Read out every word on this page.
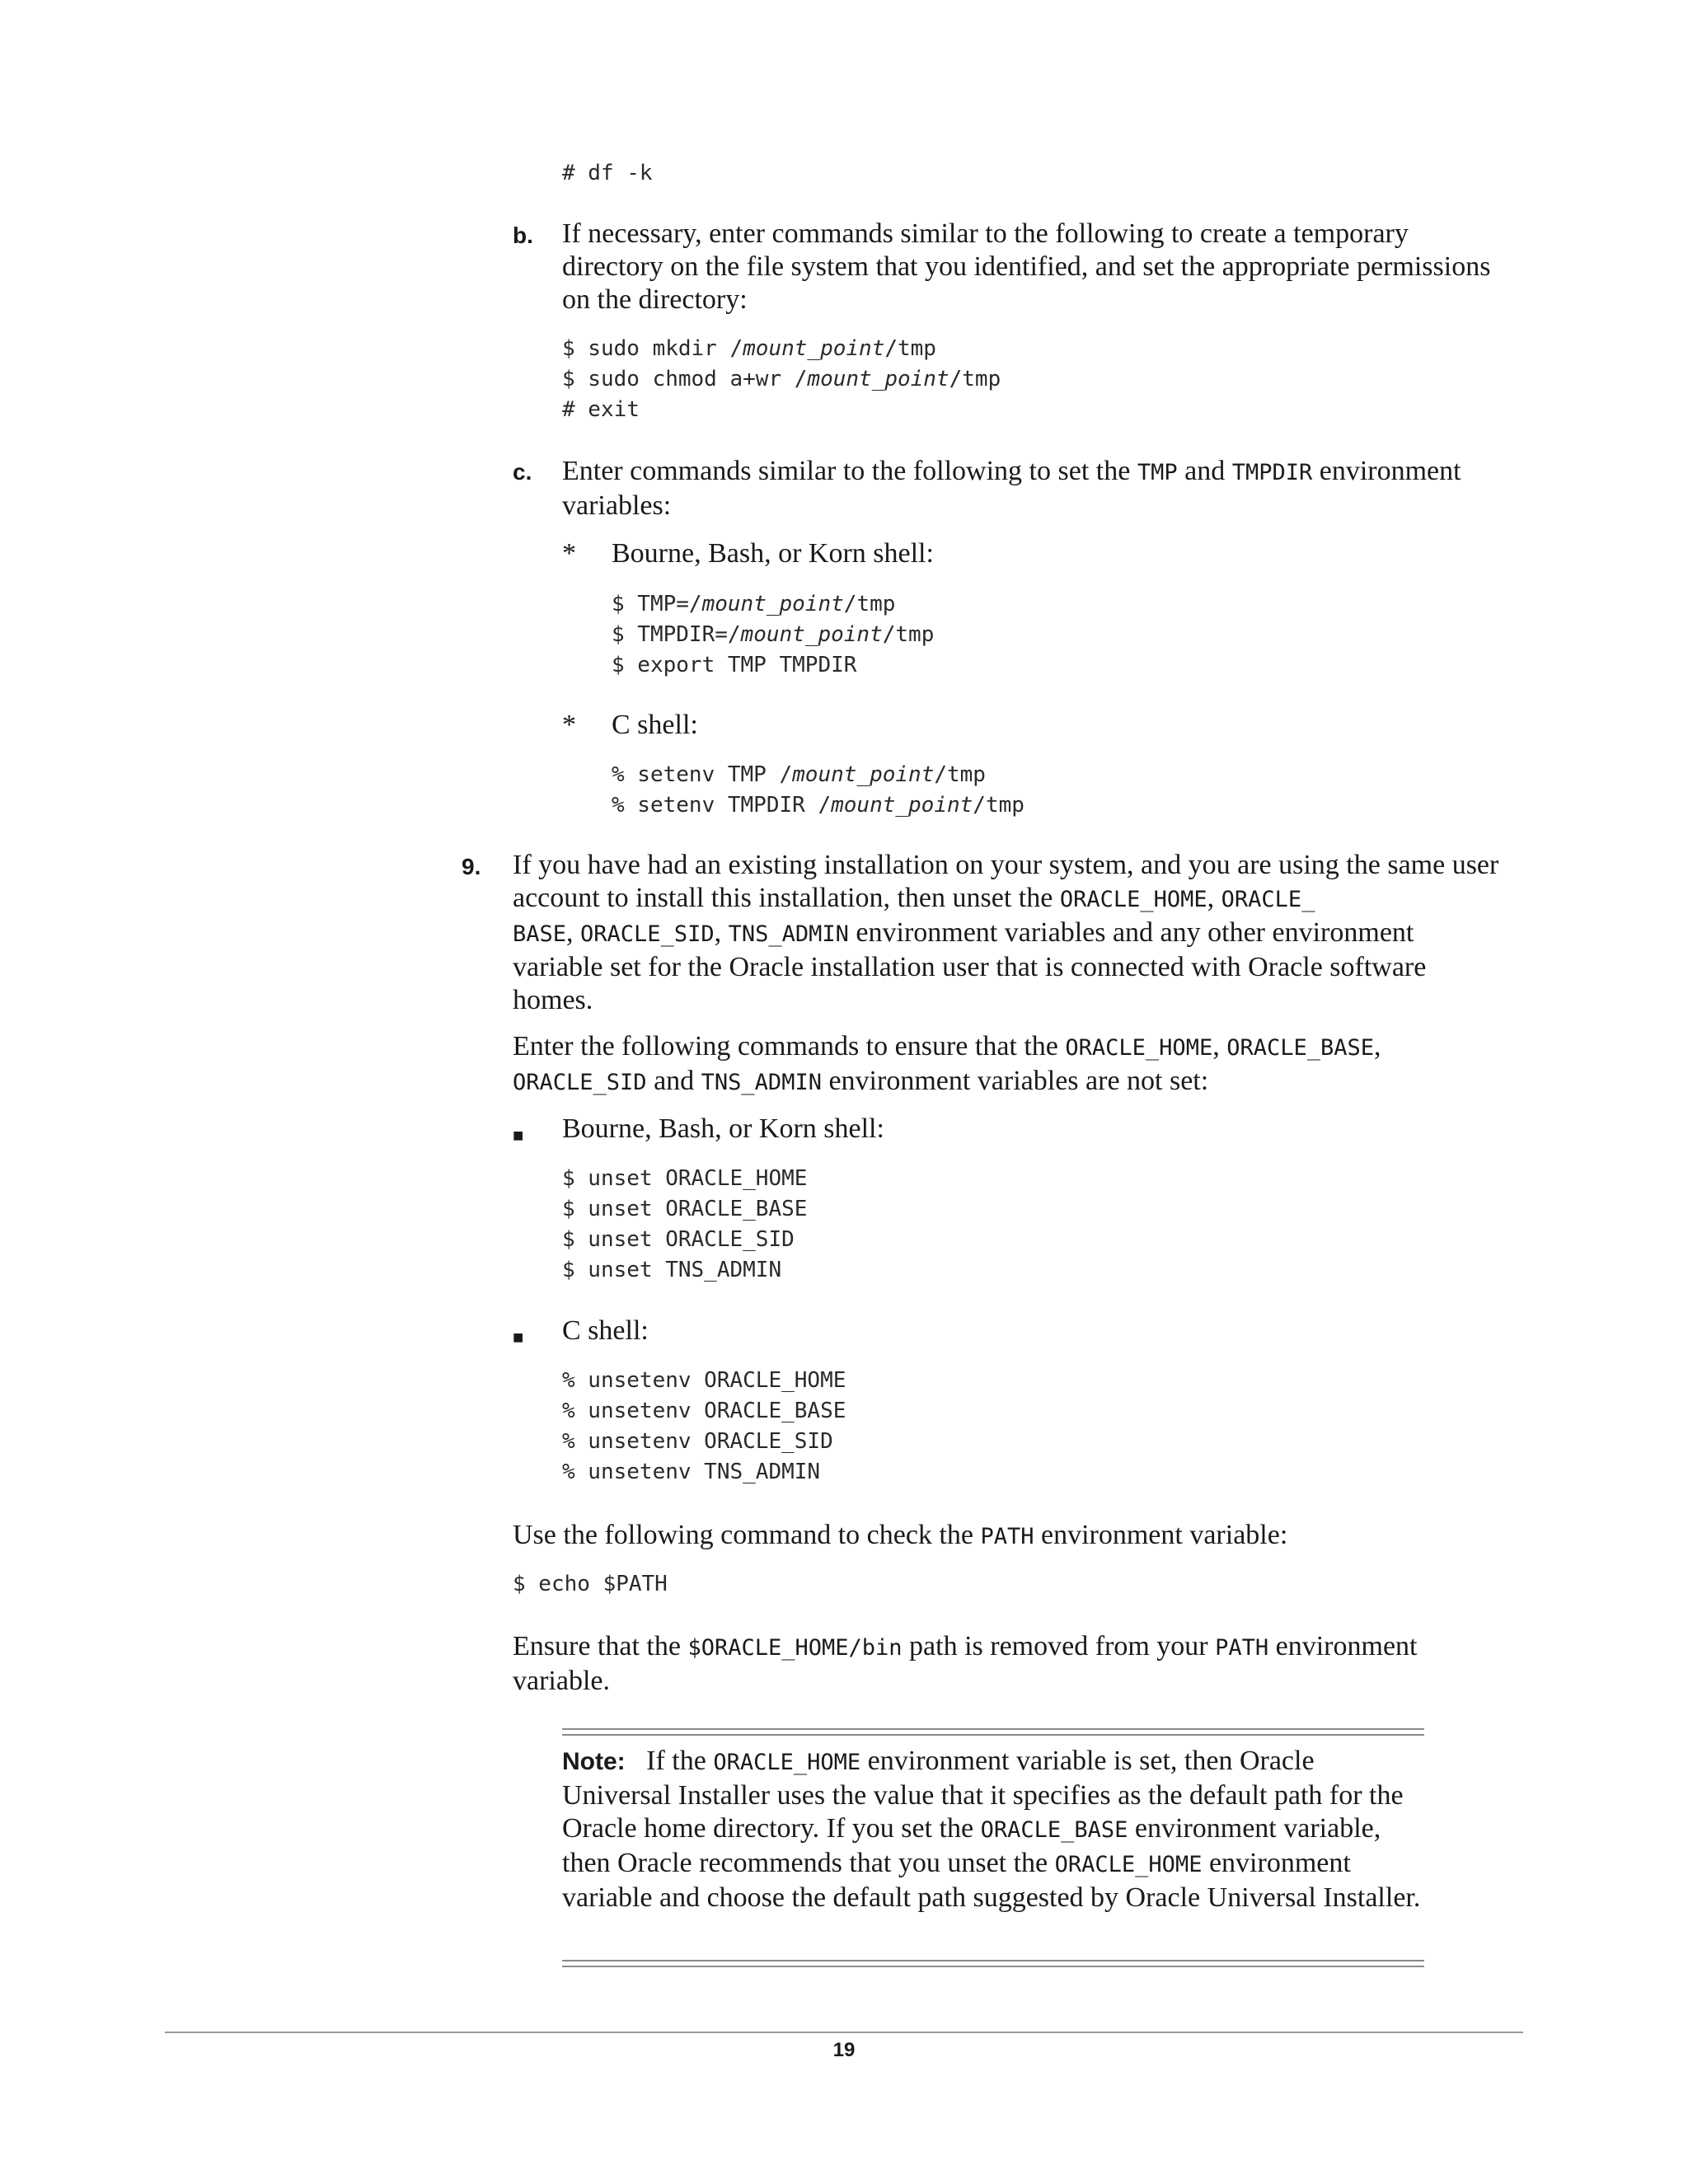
# df -k
b. If necessary, enter commands similar to the following to create a temporary directory on the file system that you identified, and set the appropriate permissions on the directory:
$ sudo mkdir /mount_point/tmp
$ sudo chmod a+wr /mount_point/tmp
# exit
c. Enter commands similar to the following to set the TMP and TMPDIR environment variables:
* Bourne, Bash, or Korn shell:
$ TMP=/mount_point/tmp
$ TMPDIR=/mount_point/tmp
$ export TMP TMPDIR
* C shell:
% setenv TMP /mount_point/tmp
% setenv TMPDIR /mount_point/tmp
9. If you have had an existing installation on your system, and you are using the same user account to install this installation, then unset the ORACLE_HOME, ORACLE_
BASE, ORACLE_SID, TNS_ADMIN environment variables and any other environment variable set for the Oracle installation user that is connected with Oracle software homes.
Enter the following commands to ensure that the ORACLE_HOME, ORACLE_BASE,
ORACLE_SID and TNS_ADMIN environment variables are not set:
■ Bourne, Bash, or Korn shell:
$ unset ORACLE_HOME
$ unset ORACLE_BASE
$ unset ORACLE_SID
$ unset TNS_ADMIN
■ C shell:
% unsetenv ORACLE_HOME
% unsetenv ORACLE_BASE
% unsetenv ORACLE_SID
% unsetenv TNS_ADMIN
Use the following command to check the PATH environment variable:
$ echo $PATH
Ensure that the $ORACLE_HOME/bin path is removed from your PATH environment variable.
Note: If the ORACLE_HOME environment variable is set, then Oracle Universal Installer uses the value that it specifies as the default path for the Oracle home directory. If you set the ORACLE_BASE environment variable, then Oracle recommends that you unset the ORACLE_HOME environment variable and choose the default path suggested by Oracle Universal Installer.
19
